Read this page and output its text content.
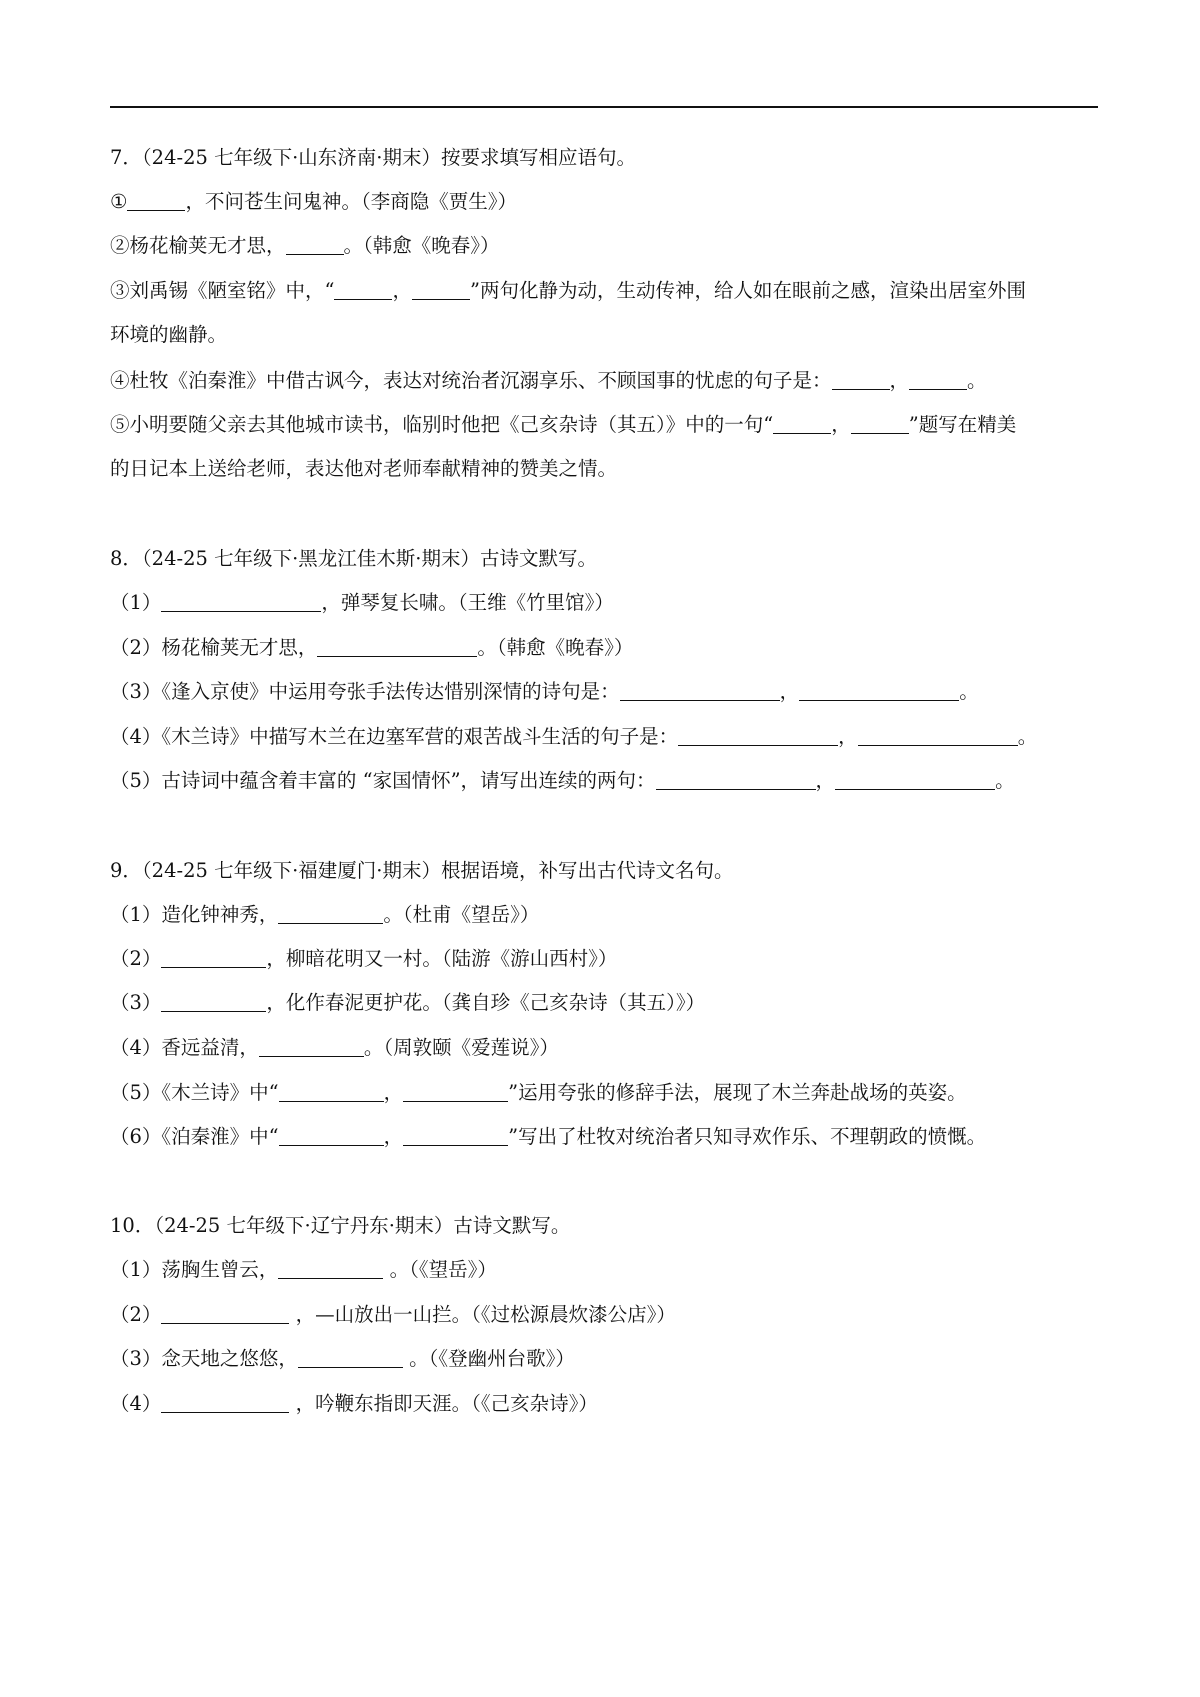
7．（24-25 七年级下·山东济南·期末）按要求填写相应语句。
①	，不问苍生问鬼神。（李商隐《贾生》）
②杨花榆荚无才思，	。（韩愈《晚春》）
③刘禹锡《陋室铭》中，“	，	”两句化静为动，生动传神，给人如在眼前之感，渲染出居室外围
环境的幽静。
④杜牧《泊秦淮》中借古讽今，表达对统治者沉溺享乐、不顾国事的忧虑的句子是：	，	。
⑤小明要随父亲去其他城市读书，临别时他把《己亥杂诗（其五）》中的一句“	，	”题写在精美
的日记本上送给老师，表达他对老师奉献精神的赞美之情。
8．（24-25 七年级下·黑龙江佳木斯·期末）古诗文默写。
（1）	，弹琴复长啸。（王维《竹里馆》）
（2）杨花榆荚无才思，	。（韩愈《晚春》）
（3）《逢入京使》中运用夸张手法传达惜别深情的诗句是：	，	。
（4）《木兰诗》中描写木兰在边塞军营的艰苦战斗生活的句子是：	，	。
（5）古诗词中蕴含着丰富的 “家国情怀”，请写出连续的两句：	，	。
9．（24-25 七年级下·福建厦门·期末）根据语境，补写出古代诗文名句。
（1）造化钟神秀，	。（杜甫《望岳》）
（2）	，柳暗花明又一村。（陆游《游山西村》）
（3）	，化作春泥更护花。（龚自珍《己亥杂诗（其五）》）
（4）香远益清，	。（周敦颐《爱莲说》）
（5）《木兰诗》中“	，	”运用夸张的修辞手法，展现了木兰奔赴战场的英姿。
（6）《泊秦淮》中“	，	”写出了杜牧对统治者只知寻欢作乐、不理朝政的愤慨。
10．（24-25 七年级下·辽宁丹东·期末）古诗文默写。
（1）荡胸生曾云，	。（《望岳》）
（2）	，—山放出一山拦。（《过松源晨炊漆公店》）
（3）念天地之悠悠，	。（《登幽州台歌》）
（4）	，吟鞭东指即天涯。（《己亥杂诗》）
